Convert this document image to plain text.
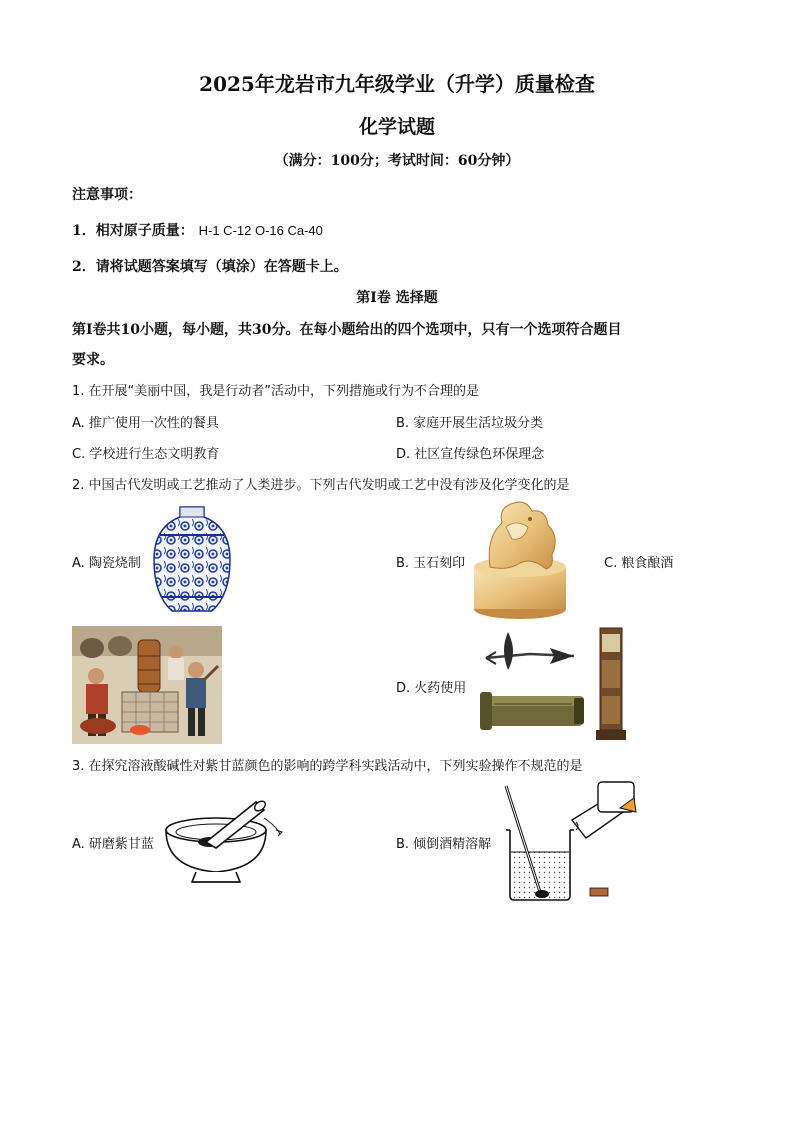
2025年龙岩市九年级学业（升学）质量检查
化学试题
（满分：100分；考试时间：60分钟）
注意事项：
1．相对原子质量： H-1 C-12 O-16 Ca-40
2．请将试题答案填写（填涂）在答题卡上。
第Ⅰ卷 选择题
第Ⅰ卷共10小题，每小题，共30分。在每小题给出的四个选项中，只有一个选项符合题目
要求。
1. 在开展“美丽中国，我是行动者”活动中，下列措施或行为不合理的是
A. 推广使用一次性的餐具	B. 家庭开展生活垃圾分类
C. 学校进行生态文明教育	D. 社区宣传绿色环保理念
2. 中国古代发明或工艺推动了人类进步。下列古代发明或工艺中没有涉及化学变化的是
A. 陶瓷烧制	B. 玉石刻印	C. 粮食酿酒
D. 火药使用
3. 在探究溶液酸碱性对紫甘蓝颜色的影响的跨学科实践活动中，下列实验操作不规范的是
A. 研磨紫甘蓝	B. 倾倒酒精溶解
